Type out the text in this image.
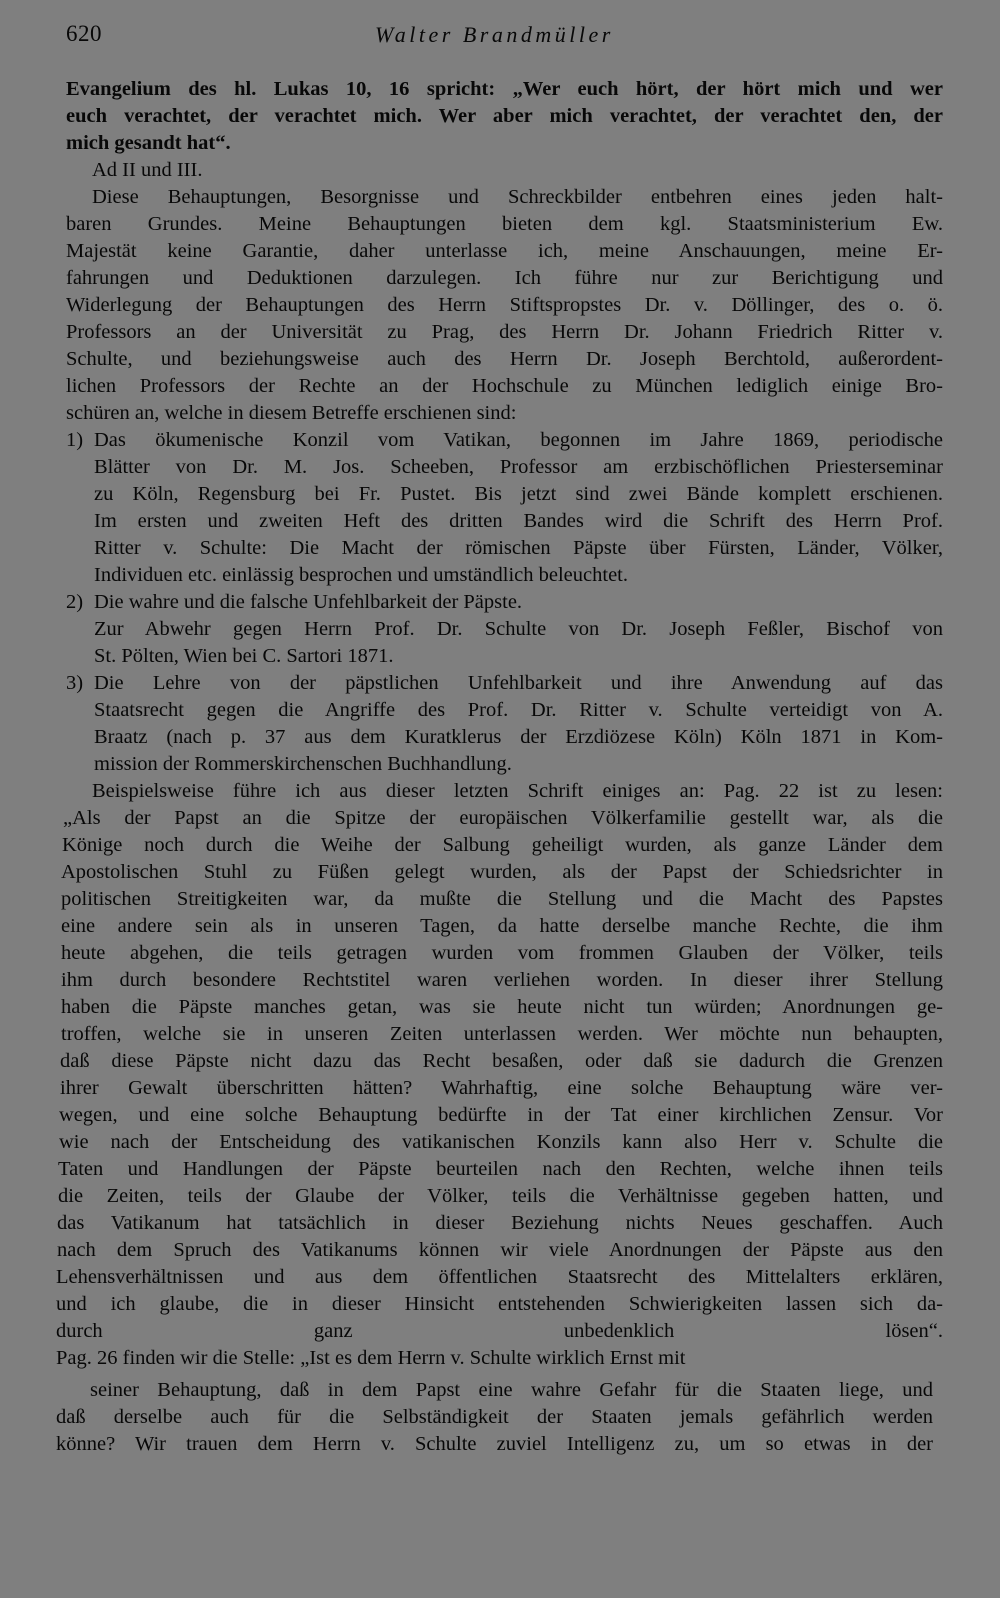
620	Walter Brandmüller
Evangelium des hl. Lukas 10, 16 spricht: „Wer euch hört, der hört mich und wer
euch verachtet, der verachtet mich. Wer aber mich verachtet, der verachtet den, der
mich gesandt hat“.
Ad II und III.
Diese Behauptungen, Besorgnisse und Schreckbilder entbehren eines jeden halt-
baren Grundes. Meine Behauptungen bieten dem kgl. Staatsministerium Ew.
Majestät keine Garantie, daher unterlasse ich, meine Anschauungen, meine Er-
fahrungen und Deduktionen darzulegen. Ich führe nur zur Berichtigung und
Widerlegung der Behauptungen des Herrn Stiftspropstes Dr. v. Döllinger, des o. ö.
Professors an der Universität zu Prag, des Herrn Dr. Johann Friedrich Ritter v.
Schulte, und beziehungsweise auch des Herrn Dr. Joseph Berchtold, außerordent-
lichen Professors der Rechte an der Hochschule zu München lediglich einige Bro-
schüren an, welche in diesem Betreffe erschienen sind:
1) Das ökumenische Konzil vom Vatikan, begonnen im Jahre 1869, periodische
Blätter von Dr. M. Jos. Scheeben, Professor am erzbischöflichen Priesterseminar
zu Köln, Regensburg bei Fr. Pustet. Bis jetzt sind zwei Bände komplett erschienen.
Im ersten und zweiten Heft des dritten Bandes wird die Schrift des Herrn Prof.
Ritter v. Schulte: Die Macht der römischen Päpste über Fürsten, Länder, Völker,
Individuen etc. einlässig besprochen und umständlich beleuchtet.
2) Die wahre und die falsche Unfehlbarkeit der Päpste.
Zur Abwehr gegen Herrn Prof. Dr. Schulte von Dr. Joseph Feßler, Bischof von
St. Pölten, Wien bei C. Sartori 1871.
3) Die Lehre von der päpstlichen Unfehlbarkeit und ihre Anwendung auf das
Staatsrecht gegen die Angriffe des Prof. Dr. Ritter v. Schulte verteidigt von A.
Braatz (nach p. 37 aus dem Kuratklerus der Erzdiözese Köln) Köln 1871 in Kom-
mission der Rommerskirchenschen Buchhandlung.
Beispielsweise führe ich aus dieser letzten Schrift einiges an: Pag. 22 ist zu lesen:
„Als der Papst an die Spitze der europäischen Völkerfamilie gestellt war, als die
Könige noch durch die Weihe der Salbung geheiligt wurden, als ganze Länder dem
Apostolischen Stuhl zu Füßen gelegt wurden, als der Papst der Schiedsrichter in
politischen Streitigkeiten war, da mußte die Stellung und die Macht des Papstes
eine andere sein als in unseren Tagen, da hatte derselbe manche Rechte, die ihm
heute abgehen, die teils getragen wurden vom frommen Glauben der Völker, teils
ihm durch besondere Rechtstitel waren verliehen worden. In dieser ihrer Stellung
haben die Päpste manches getan, was sie heute nicht tun würden; Anordnungen ge-
troffen, welche sie in unseren Zeiten unterlassen werden. Wer möchte nun behaupten,
daß diese Päpste nicht dazu das Recht besaßen, oder daß sie dadurch die Grenzen
ihrer Gewalt überschritten hätten? Wahrhaftig, eine solche Behauptung wäre ver-
wegen, und eine solche Behauptung bedürfte in der Tat einer kirchlichen Zensur. Vor
wie nach der Entscheidung des vatikanischen Konzils kann also Herr v. Schulte die
Taten und Handlungen der Päpste beurteilen nach den Rechten, welche ihnen teils
die Zeiten, teils der Glaube der Völker, teils die Verhältnisse gegeben hatten, und
das Vatikanum hat tatsächlich in dieser Beziehung nichts Neues geschaffen. Auch
nach dem Spruch des Vatikanums können wir viele Anordnungen der Päpste aus den
Lehensverhältnissen und aus dem öffentlichen Staatsrecht des Mittelalters erklären,
und ich glaube, die in dieser Hinsicht entstehenden Schwierigkeiten lassen sich da-
durch ganz unbedenklich lösen“.
Pag. 26 finden wir die Stelle: „Ist es dem Herrn v. Schulte wirklich Ernst mit
seiner Behauptung, daß in dem Papst eine wahre Gefahr für die Staaten liege, und
daß derselbe auch für die Selbständigkeit der Staaten jemals gefährlich werden
könne? Wir trauen dem Herrn v. Schulte zuviel Intelligenz zu, um so etwas in der
